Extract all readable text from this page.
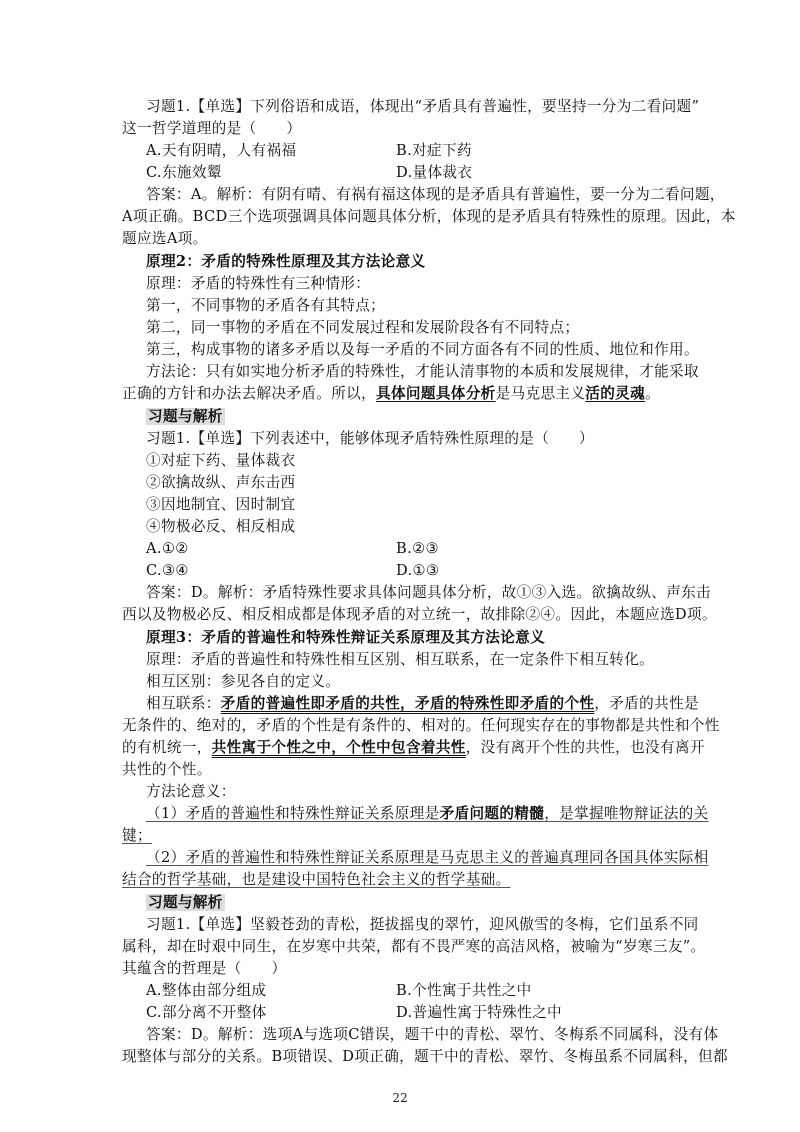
习题1.【单选】下列俗语和成语，体现出“矛盾具有普遍性，要坚持一分为二看问题”
这一哲学道理的是（　　）
A.天有阴晴，人有祸福	B.对症下药
C.东施效颦	D.量体裁衣
答案：A。解析：有阴有晴、有祸有福这体现的是矛盾具有普遍性，要一分为二看问题，
A项正确。BCD三个选项强调具体问题具体分析，体现的是矛盾具有特殊性的原理。因此，本
题应选A项。
原理2：矛盾的特殊性原理及其方法论意义
原理：矛盾的特殊性有三种情形：
第一，不同事物的矛盾各有其特点；
第二，同一事物的矛盾在不同发展过程和发展阶段各有不同特点；
第三，构成事物的诸多矛盾以及每一矛盾的不同方面各有不同的性质、地位和作用。
方法论：只有如实地分析矛盾的特殊性，才能认清事物的本质和发展规律，才能采取
正确的方针和办法去解决矛盾。所以，具体问题具体分析是马克思主义活的灵魂。
习题与解析
习题1.【单选】下列表述中，能够体现矛盾特殊性原理的是（　　）
①对症下药、量体裁衣
②欲擒故纵、声东击西
③因地制宜、因时制宜
④物极必反、相反相成
A.①②	B.②③
C.③④	D.①③
答案：D。解析：矛盾特殊性要求具体问题具体分析，故①③入选。欲擒故纵、声东击
西以及物极必反、相反相成都是体现矛盾的对立统一，故排除②④。因此，本题应选D项。
原理3：矛盾的普遍性和特殊性辩证关系原理及其方法论意义
原理：矛盾的普遍性和特殊性相互区别、相互联系，在一定条件下相互转化。
相互区别：参见各自的定义。
相互联系：矛盾的普遍性即矛盾的共性，矛盾的特殊性即矛盾的个性，矛盾的共性是
无条件的、绝对的，矛盾的个性是有条件的、相对的。任何现实存在的事物都是共性和个性
的有机统一，共性寓于个性之中，个性中包含着共性，没有离开个性的共性，也没有离开
共性的个性。
方法论意义：
（1）矛盾的普遍性和特殊性辩证关系原理是矛盾问题的精髓，是掌握唯物辩证法的关
键；
（2）矛盾的普遍性和特殊性辩证关系原理是马克思主义的普遍真理同各国具体实际相
结合的哲学基础，也是建设中国特色社会主义的哲学基础。
习题与解析
习题1.【单选】坚毅苍劲的青松，挺拔摇曳的翠竹，迎风傲雪的冬梅，它们虽系不同
属科，却在时艰中同生，在岁寒中共荣，都有不畏严寒的高洁风格，被喻为“岁寒三友”。
其蕴含的哲理是（　　）
A.整体由部分组成	B.个性寓于共性之中
C.部分离不开整体	D.普遍性寓于特殊性之中
答案：D。解析：选项A与选项C错误，题干中的青松、翠竹、冬梅系不同属科，没有体
现整体与部分的关系。B项错误、D项正确，题干中的青松、翠竹、冬梅虽系不同属科，但都
22
